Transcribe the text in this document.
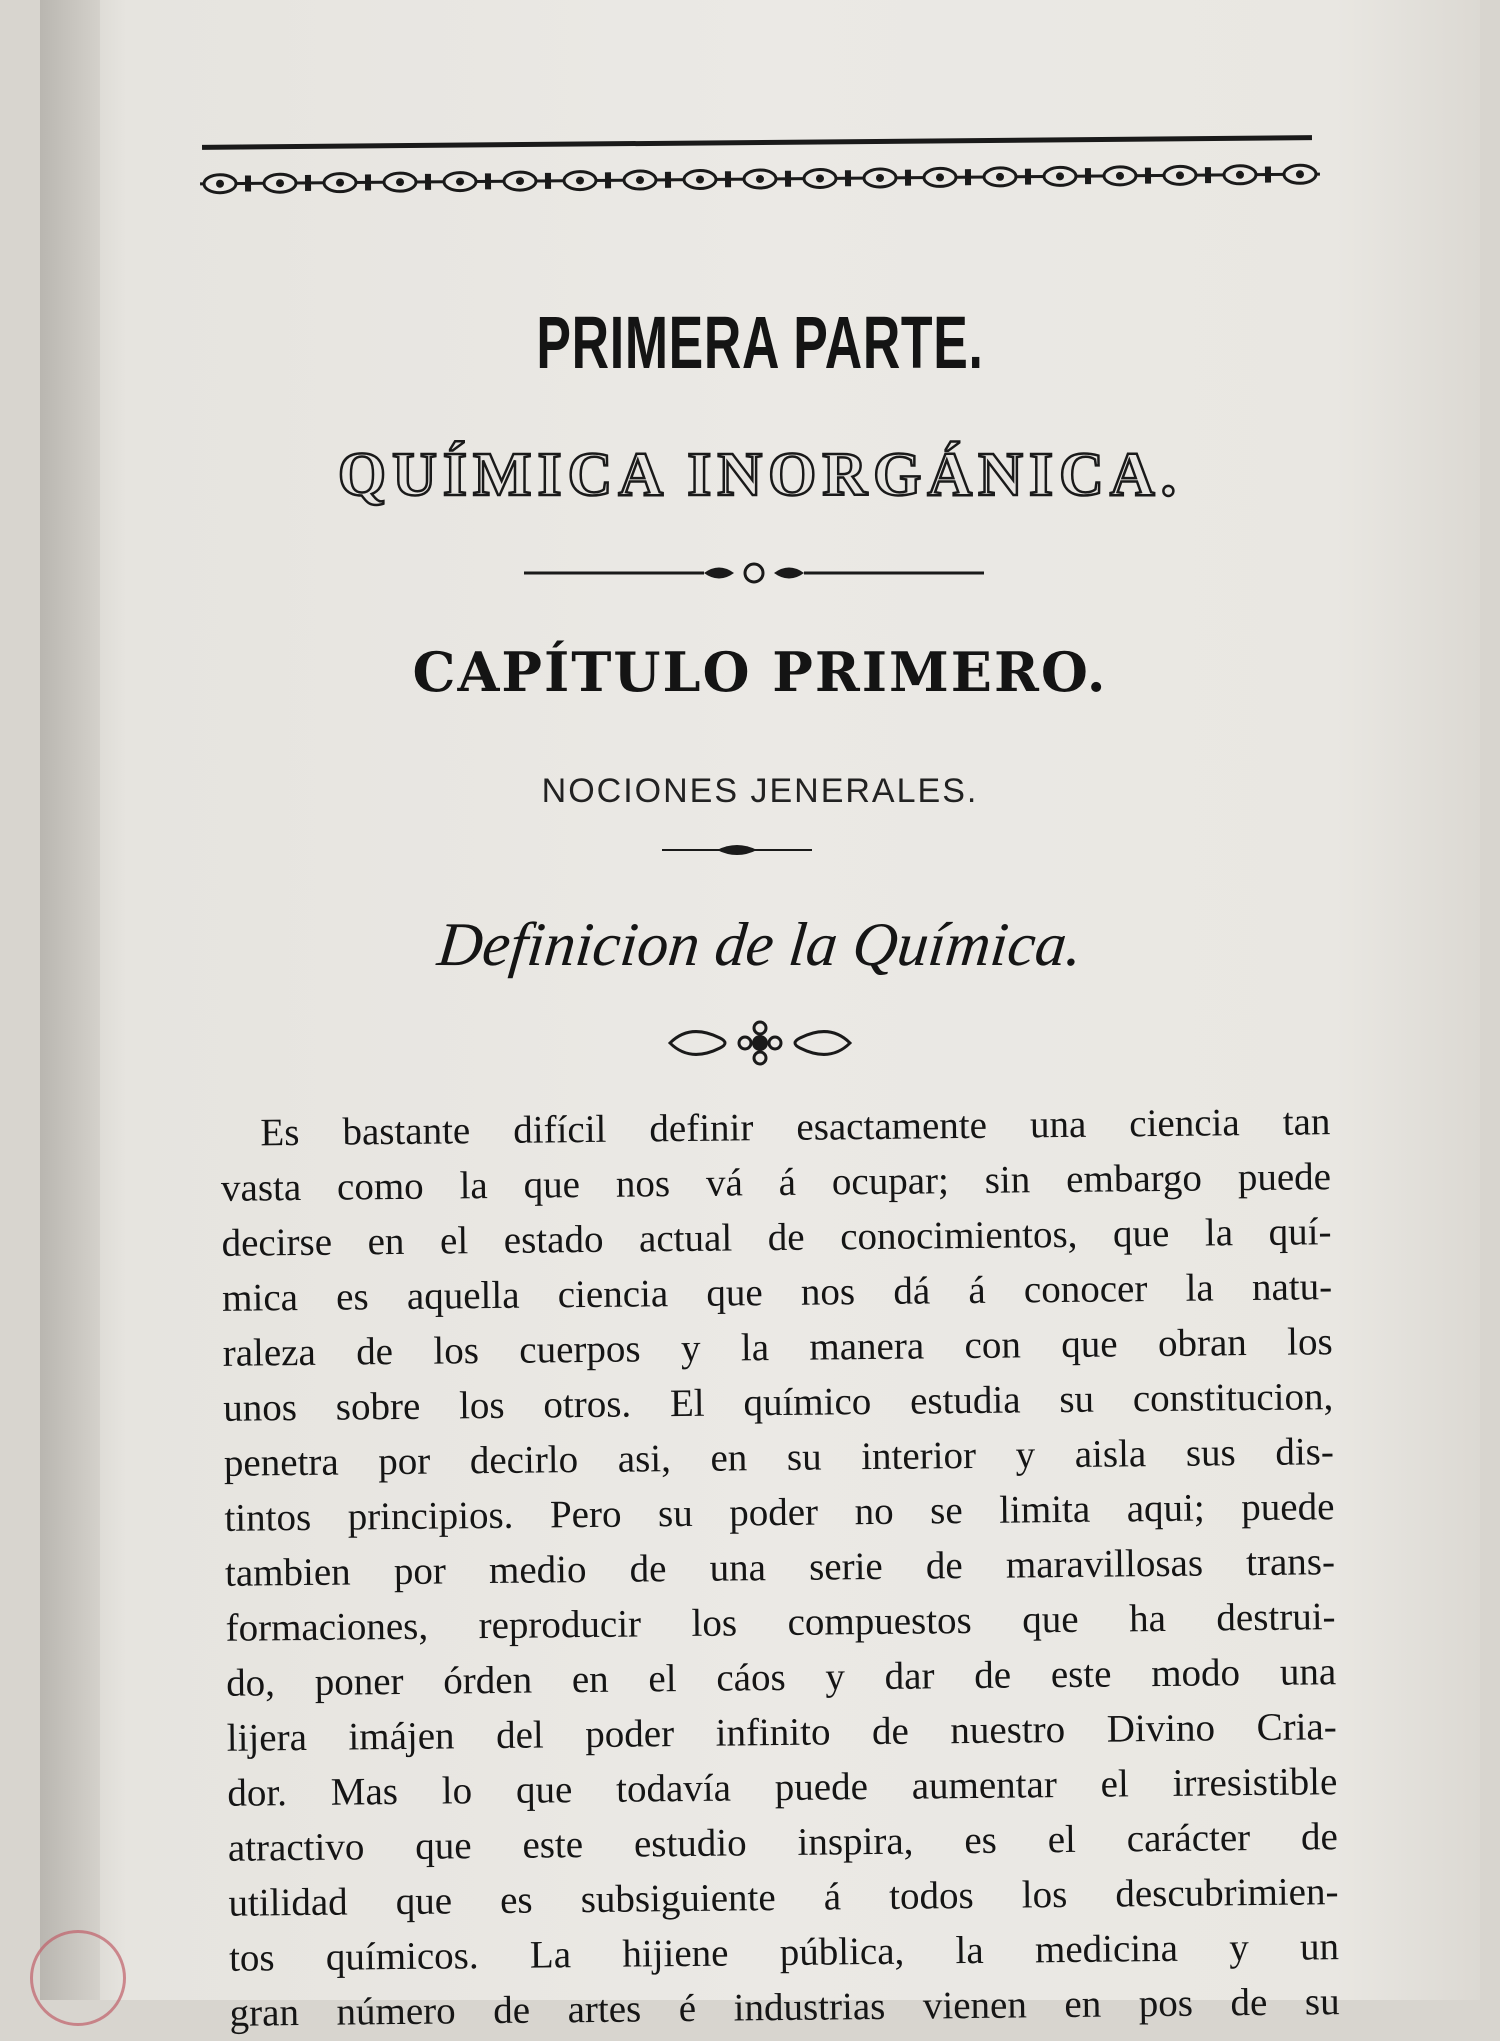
PRIMERA PARTE.
QUÍMICA INORGÁNICA.
CAPÍTULO PRIMERO.
NOCIONES JENERALES.
Definicion de la Química.
Es bastante difícil definir esactamente una ciencia tan
vasta como la que nos vá á ocupar; sin embargo puede
decirse en el estado actual de conocimientos, que la quí-
mica es aquella ciencia que nos dá á conocer la natu-
raleza de los cuerpos y la manera con que obran los
unos sobre los otros. El químico estudia su constitucion,
penetra por decirlo asi, en su interior y aisla sus dis-
tintos principios. Pero su poder no se limita aqui; puede
tambien por medio de una serie de maravillosas trans-
formaciones, reproducir los compuestos que ha destrui-
do, poner órden en el cáos y dar de este modo una
lijera imájen del poder infinito de nuestro Divino Cria-
dor. Mas lo que todavía puede aumentar el irresistible
atractivo que este estudio inspira, es el carácter de
utilidad que es subsiguiente á todos los descubrimien-
tos químicos. La hijiene pública, la medicina y un
gran número de artes é industrias vienen en pos de su
